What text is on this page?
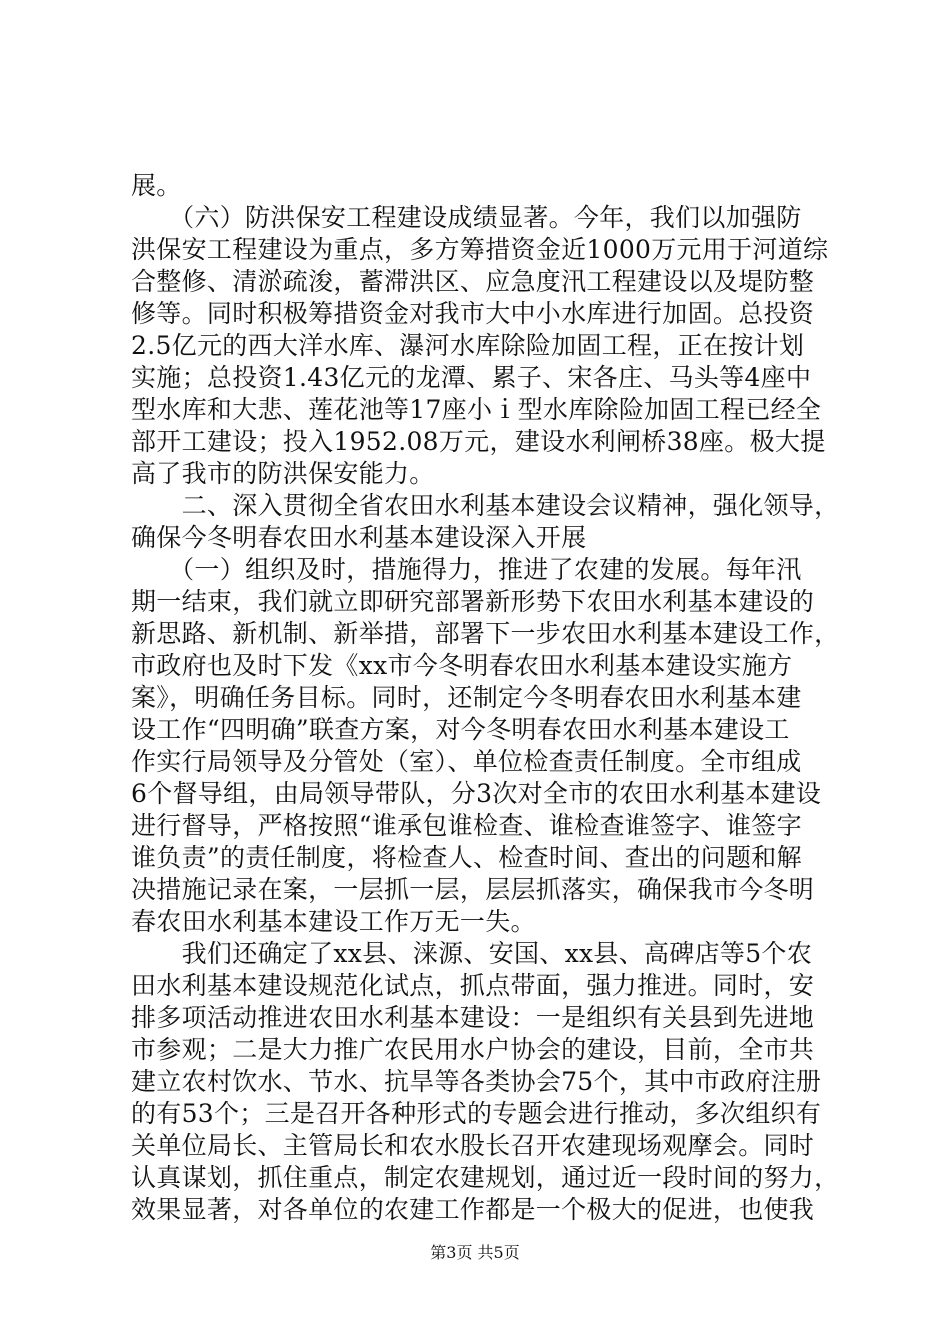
展。
　　（六）防洪保安工程建设成绩显著。今年，我们以加强防
洪保安工程建设为重点，多方筹措资金近1000万元用于河道综
合整修、清淤疏浚，蓄滞洪区、应急度汛工程建设以及堤防整
修等。同时积极筹措资金对我市大中小水库进行加固。总投资
2.5亿元的西大洋水库、瀑河水库除险加固工程，正在按计划
实施；总投资1.43亿元的龙潭、累子、宋各庄、马头等4座中
型水库和大悲、莲花池等17座小ｉ型水库除险加固工程已经全
部开工建设；投入1952.08万元，建设水利闸桥38座。极大提
高了我市的防洪保安能力。
　　二、深入贯彻全省农田水利基本建设会议精神，强化领导，
确保今冬明春农田水利基本建设深入开展
　　（一）组织及时，措施得力，推进了农建的发展。每年汛
期一结束，我们就立即研究部署新形势下农田水利基本建设的
新思路、新机制、新举措，部署下一步农田水利基本建设工作，
市政府也及时下发《xx市今冬明春农田水利基本建设实施方
案》，明确任务目标。同时，还制定今冬明春农田水利基本建
设工作“四明确”联查方案，对今冬明春农田水利基本建设工
作实行局领导及分管处（室）、单位检查责任制度。全市组成
6个督导组，由局领导带队，分3次对全市的农田水利基本建设
进行督导，严格按照“谁承包谁检查、谁检查谁签字、谁签字
谁负责”的责任制度，将检查人、检查时间、查出的问题和解
决措施记录在案，一层抓一层，层层抓落实，确保我市今冬明
春农田水利基本建设工作万无一失。
　　我们还确定了xx县、涞源、安国、xx县、高碑店等5个农
田水利基本建设规范化试点，抓点带面，强力推进。同时，安
排多项活动推进农田水利基本建设：一是组织有关县到先进地
市参观；二是大力推广农民用水户协会的建设，目前，全市共
建立农村饮水、节水、抗旱等各类协会75个，其中市政府注册
的有53个；三是召开各种形式的专题会进行推动，多次组织有
关单位局长、主管局长和农水股长召开农建现场观摩会。同时
认真谋划，抓住重点，制定农建规划，通过近一段时间的努力，
效果显著，对各单位的农建工作都是一个极大的促进，也使我
第3页 共5页
